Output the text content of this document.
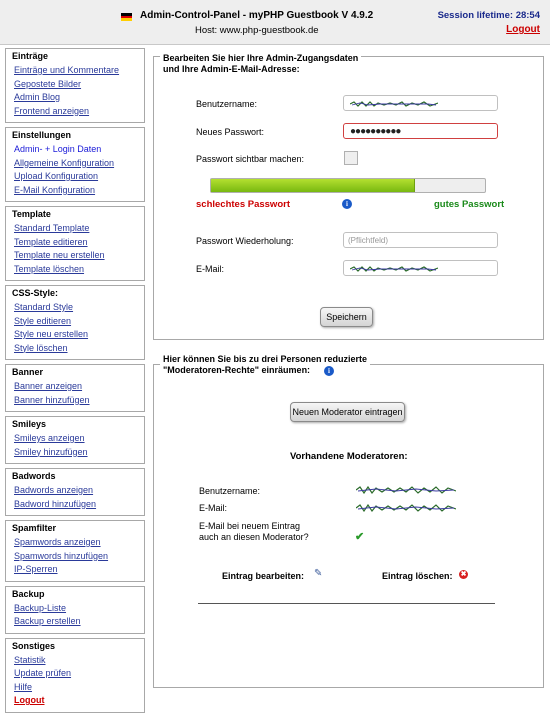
Admin-Control-Panel - myPHP Guestbook V 4.9.2
Host: www.php-guestbook.de
Session lifetime: 28:54
Logout
Einträge
Einträge und Kommentare
Gepostete Bilder
Admin Blog
Frontend anzeigen
Einstellungen
Admin- + Login Daten
Allgemeine Konfiguration
Upload Konfiguration
E-Mail Konfiguration
Template
Standard Template
Template editieren
Template neu erstellen
Template löschen
CSS-Style:
Standard Style
Style editieren
Style neu erstellen
Style löschen
Banner
Banner anzeigen
Banner hinzufügen
Smileys
Smileys anzeigen
Smiley hinzufügen
Badwords
Badwords anzeigen
Badword hinzufügen
Spamfilter
Spamwords anzeigen
Spamwords hinzufügen
IP-Sperren
Backup
Backup-Liste
Backup erstellen
Sonstiges
Statistik
Update prüfen
Hilfe
Logout
Bearbeiten Sie hier Ihre Admin-Zugangsdaten
und Ihre Admin-E-Mail-Adresse:
Benutzername:
Neues Passwort:	●●●●●●●●●●
Passwort sichtbar machen:
schlechtes Passwort	i	gutes Passwort
Passwort Wiederholung:	(Pflichtfeld)
E-Mail:
Speichern
Hier können Sie bis zu drei Personen reduzierte
"Moderatoren-Rechte" einräumen:	i
Neuen Moderator eintragen
Vorhandene Moderatoren:
Benutzername:
E-Mail:
E-Mail bei neuem Eintrag
auch an diesen Moderator?	✔
Eintrag bearbeiten: ✎	Eintrag löschen: ✖
